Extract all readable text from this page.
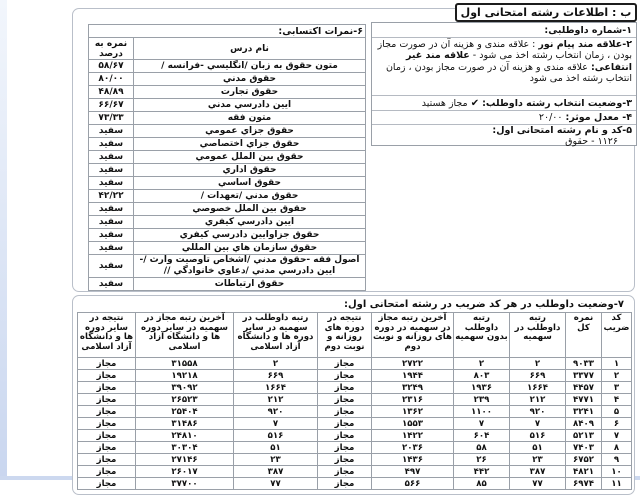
ب : اطلاعات رشته امتحانی اول
۱-شماره داوطلبی:
۲-علاقه مند پیام نور : علاقه مندی و هزینه آن در صورت مجاز بودن ، زمان انتخاب رشته اخذ می شود - علاقه مند غیر انتفاعی: علاقه مندی و هزینه آن در صورت مجاز بودن ، زمان انتخاب رشته اخذ می شود
۳-وضعیت انتخاب رشته داوطلب: ✔ مجاز هستید
۴- معدل موثر: ۲۰/۰۰
۵-کد و نام رشته امتحانی اول:
۱۱۲۶ - حقوق
۶-نمرات اکتسابی:	
نام درس	نمره به درصد
متون حقوق به زبان /انگلیسي -فرانسه /	۵۸/۶۷
حقوق مدني	۸۰/۰۰
حقوق تجارت	۴۸/۸۹
ایین دادرسي مدني	۶۶/۶۷
متون فقه	۷۳/۳۳
حقوق جزاي عمومي	سفید
حقوق جزاي اختصاصي	سفید
حقوق بین الملل عمومي	سفید
حقوق اداري	سفید
حقوق اساسي	سفید
حقوق مدني /تعهدات /	۴۲/۲۲
حقوق بین الملل خصوصي	سفید
ایین دادرسي کیفري	سفید
حقوق جزاوایین دادرسي کیفري	سفید
حقوق سازمان هاي بین المللي	سفید
اصول فقه -حقوق مدني /اشخاص تاوصیت وارث /-ایین دادرسي مدني /دعاوي خانوادگي //	سفید
حقوق ارتباطات	سفید
۷-وضعیت داوطلب در هر کد ضریب در رشته امتحانی اول:
کد ضریب	نمره کل	رتبه داوطلب در سهمیه	رتبه داوطلب بدون سهمیه	آخرین رتبه مجاز در سهمیه در دوره های روزانه و نوبت دوم	نتیجه در دوره های روزانه و نوبت دوم	رتبه داوطلب در سهمیه در سایر دوره ها و دانشگاه آزاد اسلامی	آخرین رتبه مجاز در سهمیه در سایر دوره ها و دانشگاه آزاد اسلامی	نتیجه در سایر دوره ها و دانشگاه آزاد اسلامی
۱	۹۰۳۳	۲	۲	۲۷۲۲	مجاز	۲	۳۱۵۵۸	مجاز
۲	۳۳۷۷	۶۶۹	۸۰۳	۱۹۴۴	مجاز	۶۶۹	۱۹۲۱۸	مجاز
۳	۴۴۵۷	۱۶۶۴	۱۹۳۶	۳۲۴۹	مجاز	۱۶۶۴	۳۹۰۹۲	مجاز
۴	۴۷۷۱	۲۱۲	۲۳۹	۲۳۱۶	مجاز	۲۱۲	۲۶۵۲۳	مجاز
۵	۳۲۴۱	۹۲۰	۱۱۰۰	۱۳۶۲	مجاز	۹۲۰	۲۵۴۰۴	مجاز
۶	۸۴۰۹	۷	۷	۱۵۵۳	مجاز	۷	۳۱۴۸۶	مجاز
۷	۵۲۱۳	۵۱۶	۶۰۴	۱۴۲۲	مجاز	۵۱۶	۲۴۸۱۰	مجاز
۸	۷۴۰۳	۵۱	۵۸	۲۰۳۶	مجاز	۵۱	۳۰۳۰۴	مجاز
۹	۶۷۵۲	۲۳	۲۶	۱۴۳۶	مجاز	۲۳	۲۷۱۴۶	مجاز
۱۰	۴۸۲۱	۳۸۷	۴۴۲	۴۹۷	مجاز	۳۸۷	۲۶۰۱۷	مجاز
۱۱	۶۹۷۴	۷۷	۸۵	۵۶۶	مجاز	۷۷	۳۷۷۰۰	مجاز
